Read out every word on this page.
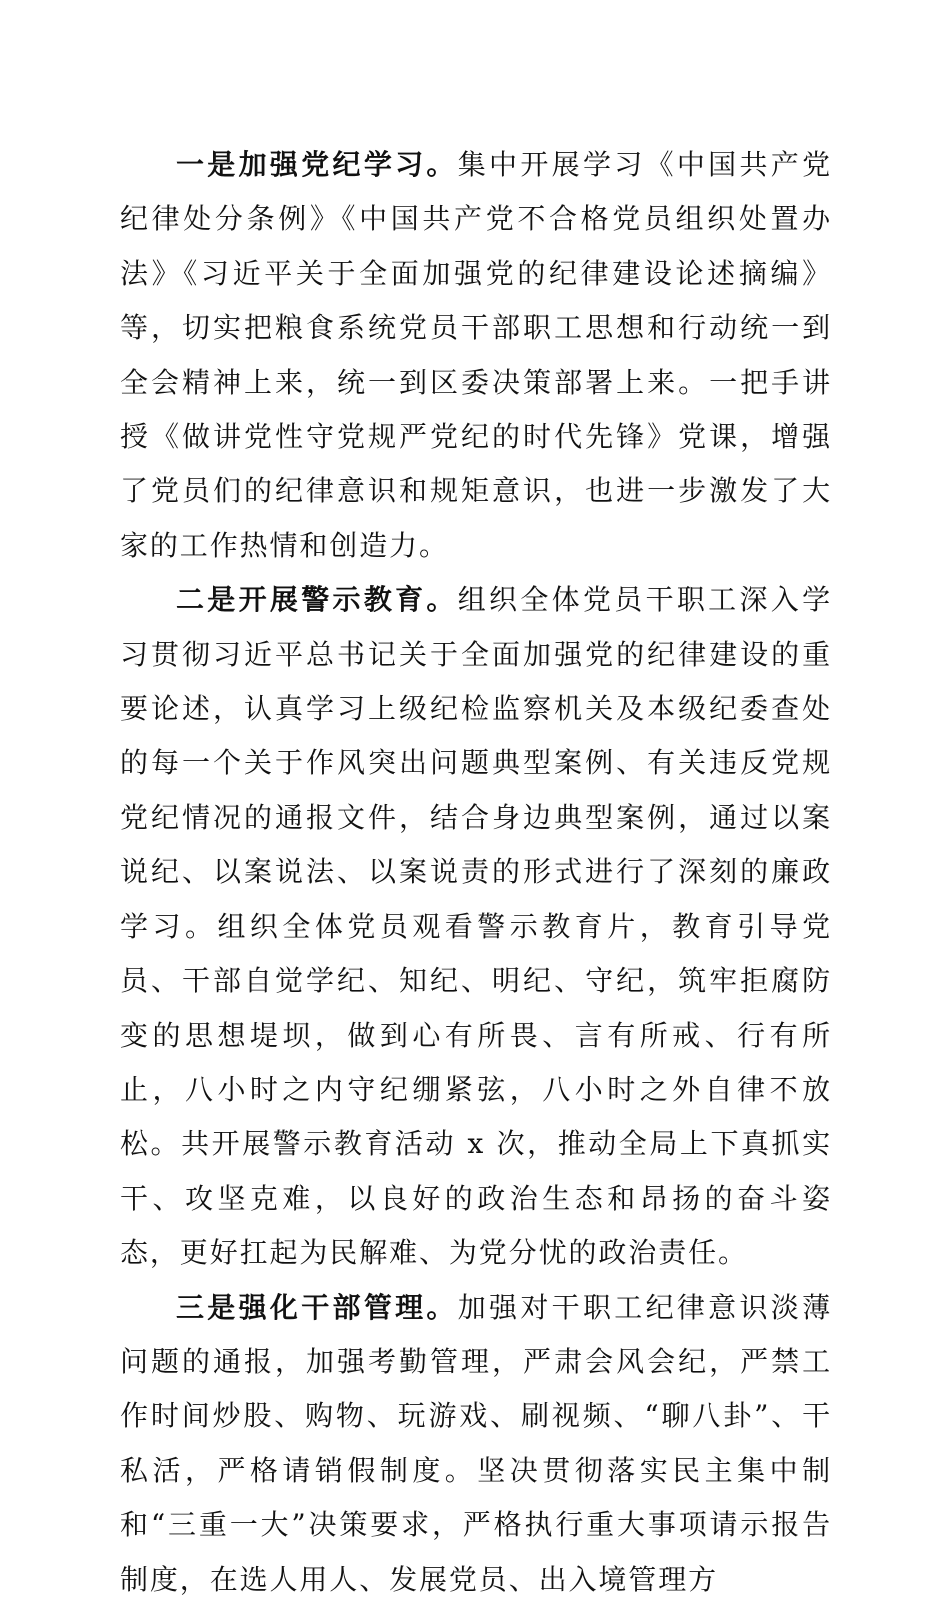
一是加强党纪学习。集中开展学习《中国共产党纪律处分条例》《中国共产党不合格党员组织处置办法》《习近平关于全面加强党的纪律建设论述摘编》等，切实把粮食系统党员干部职工思想和行动统一到全会精神上来，统一到区委决策部署上来。一把手讲授《做讲党性守党规严党纪的时代先锋》党课，增强了党员们的纪律意识和规矩意识，也进一步激发了大家的工作热情和创造力。

二是开展警示教育。组织全体党员干职工深入学习贯彻习近平总书记关于全面加强党的纪律建设的重要论述，认真学习上级纪检监察机关及本级纪委查处的每一个关于作风突出问题典型案例、有关违反党规党纪情况的通报文件，结合身边典型案例，通过以案说纪、以案说法、以案说责的形式进行了深刻的廉政学习。组织全体党员观看警示教育片，教育引导党员、干部自觉学纪、知纪、明纪、守纪，筑牢拒腐防变的思想堤坝，做到心有所畏、言有所戒、行有所止，八小时之内守纪绷紧弦，八小时之外自律不放松。共开展警示教育活动 x 次，推动全局上下真抓实干、攻坚克难，以良好的政治生态和昂扬的奋斗姿态，更好扛起为民解难、为党分忧的政治责任。

三是强化干部管理。加强对干职工纪律意识淡薄问题的通报，加强考勤管理，严肃会风会纪，严禁工作时间炒股、购物、玩游戏、刷视频、“聊八卦”、干私活，严格请销假制度。坚决贯彻落实民主集中制和“三重一大”决策要求，严格执行重大事项请示报告制度，在选人用人、发展党员、出入境管理方
